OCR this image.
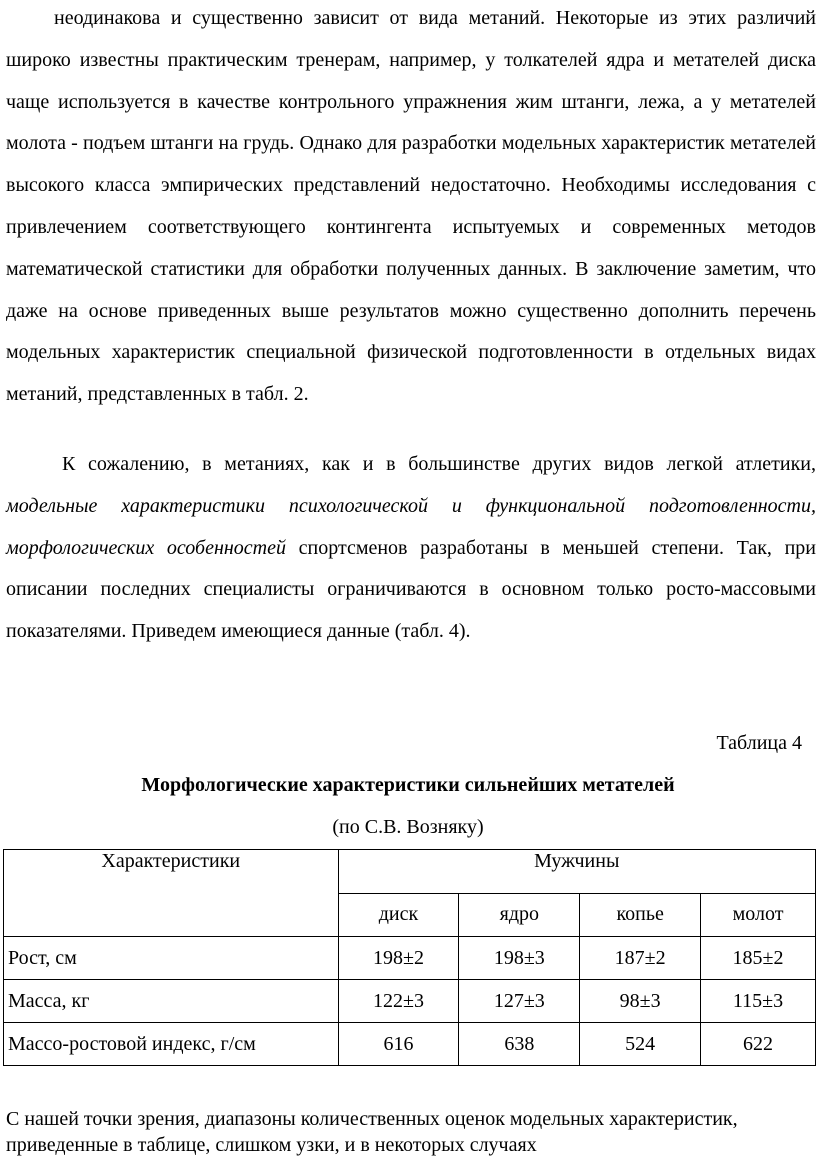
неодинакова и существенно зависит от вида метаний. Некоторые из этих различий широко известны практическим тренерам, например, у толкателей ядра и метателей диска чаще используется в качестве контрольного упражнения жим штанги, лежа, а у метателей молота - подъем штанги на грудь. Однако для разработки модельных характеристик метателей высокого класса эмпирических представлений недостаточно. Необходимы исследования с привлечением соответствующего контингента испытуемых и современных методов математической статистики для обработки полученных данных. В заключение заметим, что даже на основе приведенных выше результатов можно существенно дополнить перечень модельных характеристик специальной физической подготовленности в отдельных видах метаний, представленных в табл. 2.

К сожалению, в метаниях, как и в большинстве других видов легкой атлетики, модельные характеристики психологической и функциональной подготовленности, морфологических особенностей спортсменов разработаны в меньшей степени. Так, при описании последних специалисты ограничиваются в основном только росто-массовыми показателями. Приведем имеющиеся данные (табл. 4).

Таблица 4
Морфологические характеристики сильнейших метателей
(по С.В. Возняку)
Характеристики	Мужчины			
	диск	ядро	копье	молот
Рост, см	198±2	198±3	187±2	185±2
Масса, кг	122±3	127±3	98±3	115±3
Массо-ростовой индекс, г/см	616	638	524	622

С нашей точки зрения, диапазоны количественных оценок модельных характеристик, приведенные в таблице, слишком узки, и в некоторых случаях
